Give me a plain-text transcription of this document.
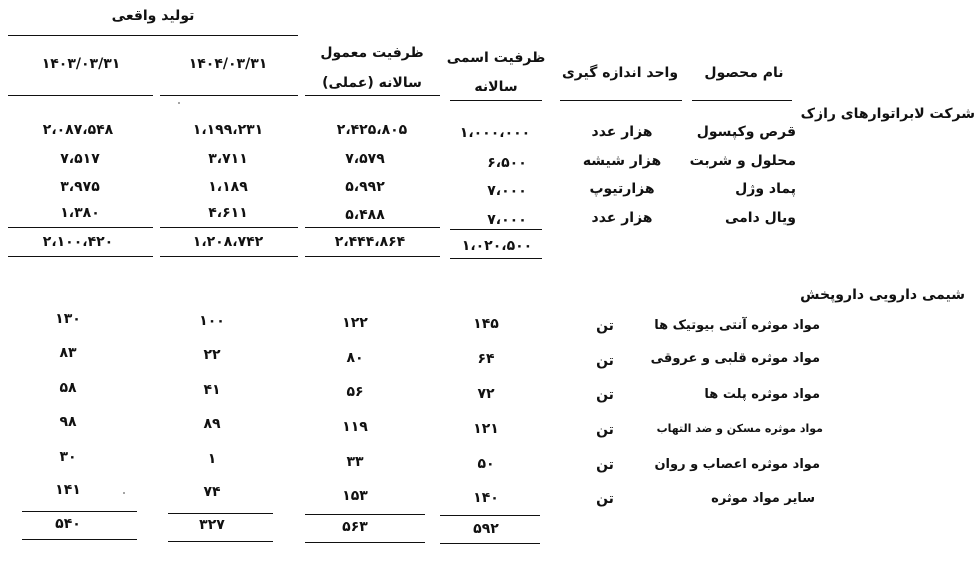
تولید واقعی
۱۴۰۳/۰۳/۳۱	۱۴۰۴/۰۳/۳۱
ظرفیت معمول
(عملی) سالانه
ظرفیت اسمی
سالانه
واحد اندازه گیری نام محصول
شرکت لابراتوارهای رازک
قرص وکپسول
هزار عدد
۱،۰۰۰،۰۰۰
۲،۴۲۵،۸۰۵
۱،۱۹۹،۲۳۱
۲،۰۸۷،۵۴۸
محلول و شربت
هزار شیشه
۶،۵۰۰
۷،۵۷۹
۳،۷۱۱
۷،۵۱۷
پماد وژل
هزارتیوپ
۷،۰۰۰
۵،۹۹۲
۱،۱۸۹
۳،۹۷۵
ویال دامی
هزار عدد
۷،۰۰۰
۵،۴۸۸
۴،۶۱۱
۱،۳۸۰
۱،۰۲۰،۵۰۰
۲،۴۴۴،۸۶۴
۱،۲۰۸،۷۴۲
۲،۱۰۰،۴۲۰
شیمی دارویی داروپخش
مواد موثره آنتی بیوتیک ها
تن
۱۴۵
۱۲۲
۱۰۰
۱۳۰
مواد موثره قلبی و عروقی
تن
۶۴
۸۰
۲۲
۸۳
مواد موثره پلت ها
تن
۷۲
۵۶
۴۱
۵۸
مواد موثره مسکن و ضد التهاب
تن
۱۲۱
۱۱۹
۸۹
۹۸
مواد موثره اعصاب و روان
تن
۵۰
۳۳
۱
۳۰
سایر مواد موثره
تن
۱۴۰
۱۵۳
۷۴
۱۴۱
۵۹۲
۵۶۳
۳۲۷
۵۴۰
